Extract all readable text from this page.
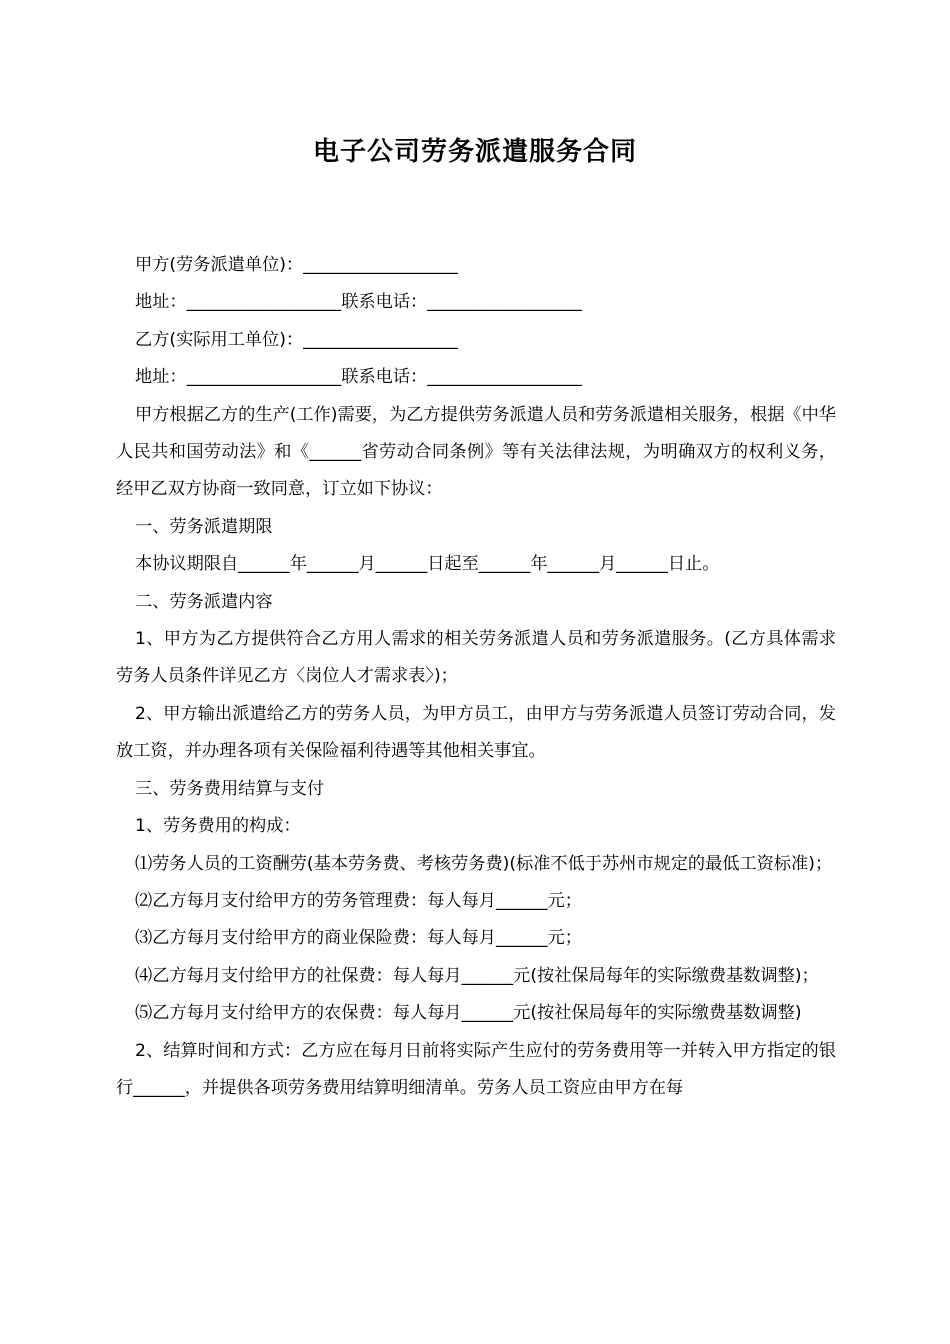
电子公司劳务派遣服务合同

甲方(劳务派遣单位)：__________________

地址：__________________联系电话：__________________

乙方(实际用工单位)：__________________

地址：__________________联系电话：__________________

甲方根据乙方的生产(工作)需要，为乙方提供劳务派遣人员和劳务派遣相关服务，根据《中华人民共和国劳动法》和《______省劳动合同条例》等有关法律法规，为明确双方的权利义务，经甲乙双方协商一致同意，订立如下协议：

一、劳务派遣期限

本协议期限自______年______月______日起至______年______月______日止。

二、劳务派遣内容

1、甲方为乙方提供符合乙方用人需求的相关劳务派遣人员和劳务派遣服务。(乙方具体需求劳务人员条件详见乙方〈岗位人才需求表〉)；

2、甲方输出派遣给乙方的劳务人员，为甲方员工，由甲方与劳务派遣人员签订劳动合同，发放工资，并办理各项有关保险福利待遇等其他相关事宜。

三、劳务费用结算与支付

1、劳务费用的构成：

⑴劳务人员的工资酬劳(基本劳务费、考核劳务费)(标准不低于苏州市规定的最低工资标准)；

⑵乙方每月支付给甲方的劳务管理费：每人每月______元；

⑶乙方每月支付给甲方的商业保险费：每人每月______元；

⑷乙方每月支付给甲方的社保费：每人每月______元(按社保局每年的实际缴费基数调整)；

⑸乙方每月支付给甲方的农保费：每人每月______元(按社保局每年的实际缴费基数调整)

2、结算时间和方式：乙方应在每月日前将实际产生应付的劳务费用等一并转入甲方指定的银行______，并提供各项劳务费用结算明细清单。劳务人员工资应由甲方在每
